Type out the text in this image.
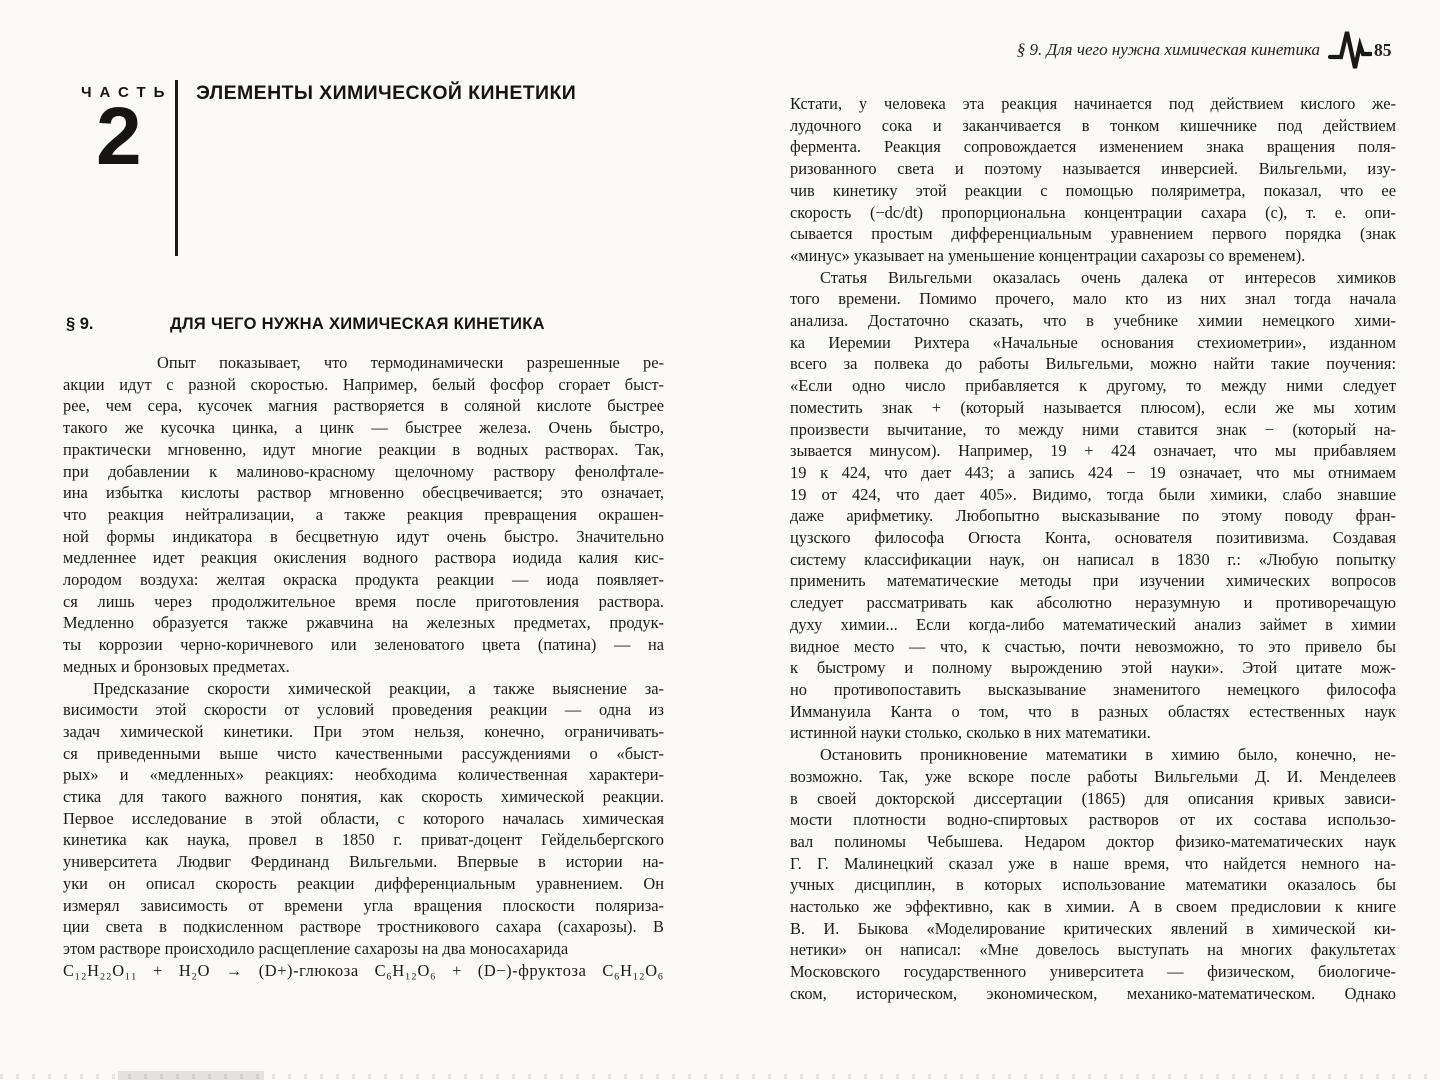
ЧАСТЬ
2	ЭЛЕМЕНТЫ ХИМИЧЕСКОЙ КИНЕТИКИ
§ 9.	ДЛЯ ЧЕГО НУЖНА ХИМИЧЕСКАЯ КИНЕТИКА
Опыт показывает, что термодинамически разрешенные ре-
акции идут с разной скоростью. Например, белый фосфор сгорает быст-
рее, чем сера, кусочек магния растворяется в соляной кислоте быстрее
такого же кусочка цинка, а цинк — быстрее железа. Очень быстро,
практически мгновенно, идут многие реакции в водных растворах. Так,
при добавлении к малиново-красному щелочному раствору фенолфтале-
ина избытка кислоты раствор мгновенно обесцвечивается; это означает,
что реакция нейтрализации, а также реакция превращения окрашен-
ной формы индикатора в бесцветную идут очень быстро. Значительно
медленнее идет реакция окисления водного раствора иодида калия кис-
лородом воздуха: желтая окраска продукта реакции — иода появляет-
ся лишь через продолжительное время после приготовления раствора.
Медленно образуется также ржавчина на железных предметах, продук-
ты коррозии черно-коричневого или зеленоватого цвета (патина) — на
медных и бронзовых предметах.
Предсказание скорости химической реакции, а также выяснение за-
висимости этой скорости от условий проведения реакции — одна из
задач химической кинетики. При этом нельзя, конечно, ограничивать-
ся приведенными выше чисто качественными рассуждениями о «быст-
рых» и «медленных» реакциях: необходима количественная характери-
стика для такого важного понятия, как скорость химической реакции.
Первое исследование в этой области, с которого началась химическая
кинетика как наука, провел в 1850 г. приват-доцент Гейдельбергского
университета Людвиг Фердинанд Вильгельми. Впервые в истории на-
уки он описал скорость реакции дифференциальным уравнением. Он
измерял зависимость от времени угла вращения плоскости поляриза-
ции света в подкисленном растворе тростникового сахара (сахарозы). В
этом растворе происходило расщепление сахарозы на два моносахарида
C₁₂H₂₂O₁₁ + H₂O → (D+)-глюкоза C₆H₁₂O₆ + (D−)-фруктоза C₆H₁₂O₆
§ 9. Для чего нужна химическая кинетика	85
Кстати, у человека эта реакция начинается под действием кислого же-
лудочного сока и заканчивается в тонком кишечнике под действием
фермента. Реакция сопровождается изменением знака вращения поля-
ризованного света и поэтому называется инверсией. Вильгельми, изу-
чив кинетику этой реакции с помощью поляриметра, показал, что ее
скорость (−dc/dt) пропорциональна концентрации сахара (c), т. е. опи-
сывается простым дифференциальным уравнением первого порядка (знак
«минус» указывает на уменьшение концентрации сахарозы со временем).
Статья Вильгельми оказалась очень далека от интересов химиков
того времени. Помимо прочего, мало кто из них знал тогда начала
анализа. Достаточно сказать, что в учебнике химии немецкого хими-
ка Иеремии Рихтера «Начальные основания стехиометрии», изданном
всего за полвека до работы Вильгельми, можно найти такие поучения:
«Если одно число прибавляется к другому, то между ними следует
поместить знак + (который называется плюсом), если же мы хотим
произвести вычитание, то между ними ставится знак − (который на-
зывается минусом). Например, 19 + 424 означает, что мы прибавляем
19 к 424, что дает 443; а запись 424 − 19 означает, что мы отнимаем
19 от 424, что дает 405». Видимо, тогда были химики, слабо знавшие
даже арифметику. Любопытно высказывание по этому поводу фран-
цузского философа Огюста Конта, основателя позитивизма. Создавая
систему классификации наук, он написал в 1830 г.: «Любую попытку
применить математические методы при изучении химических вопросов
следует рассматривать как абсолютно неразумную и противоречащую
духу химии... Если когда-либо математический анализ займет в химии
видное место — что, к счастью, почти невозможно, то это привело бы
к быстрому и полному вырождению этой науки». Этой цитате мож-
но противопоставить высказывание знаменитого немецкого философа
Иммануила Канта о том, что в разных областях естественных наук
истинной науки столько, сколько в них математики.
Остановить проникновение математики в химию было, конечно, не-
возможно. Так, уже вскоре после работы Вильгельми Д. И. Менделеев
в своей докторской диссертации (1865) для описания кривых зависи-
мости плотности водно-спиртовых растворов от их состава использо-
вал полиномы Чебышева. Недаром доктор физико-математических наук
Г. Г. Малинецкий сказал уже в наше время, что найдется немного на-
учных дисциплин, в которых использование математики оказалось бы
настолько же эффективно, как в химии. А в своем предисловии к книге
В. И. Быкова «Моделирование критических явлений в химической ки-
нетики» он написал: «Мне довелось выступать на многих факультетах
Московского государственного университета — физическом, биологиче-
ском, историческом, экономическом, механико-математическом. Однако
